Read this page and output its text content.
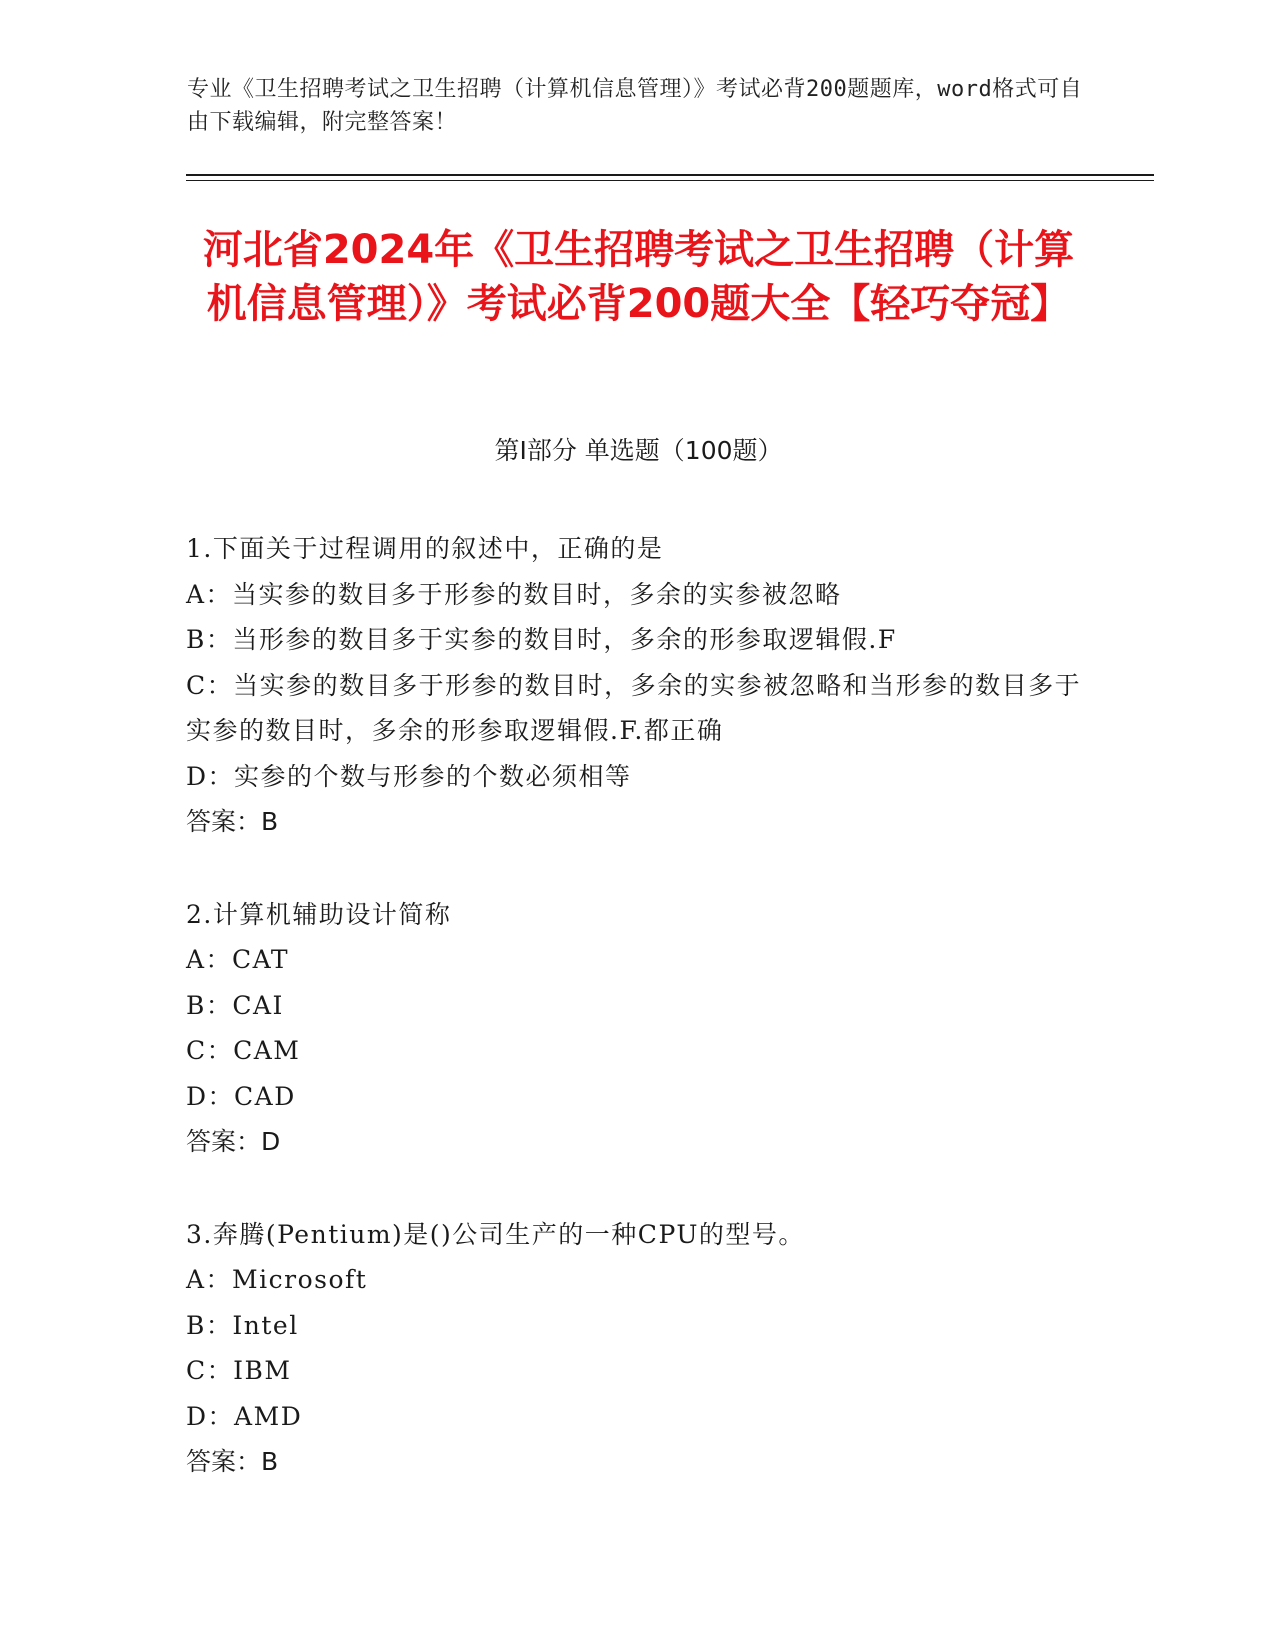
专业《卫生招聘考试之卫生招聘（计算机信息管理）》考试必背200题题库，word格式可自由下载编辑，附完整答案！
河北省2024年《卫生招聘考试之卫生招聘（计算机信息管理）》考试必背200题大全【轻巧夺冠】
第I部分 单选题（100题）
1.下面关于过程调用的叙述中，正确的是
A：当实参的数目多于形参的数目时，多余的实参被忽略
B：当形参的数目多于实参的数目时，多余的形参取逻辑假.F
C：当实参的数目多于形参的数目时，多余的实参被忽略和当形参的数目多于实参的数目时，多余的形参取逻辑假.F.都正确
D：实参的个数与形参的个数必须相等
答案：B
2.计算机辅助设计简称
A：CAT
B：CAI
C：CAM
D：CAD
答案：D
3.奔腾(Pentium)是()公司生产的一种CPU的型号。
A：Microsoft
B：Intel
C：IBM
D：AMD
答案：B
